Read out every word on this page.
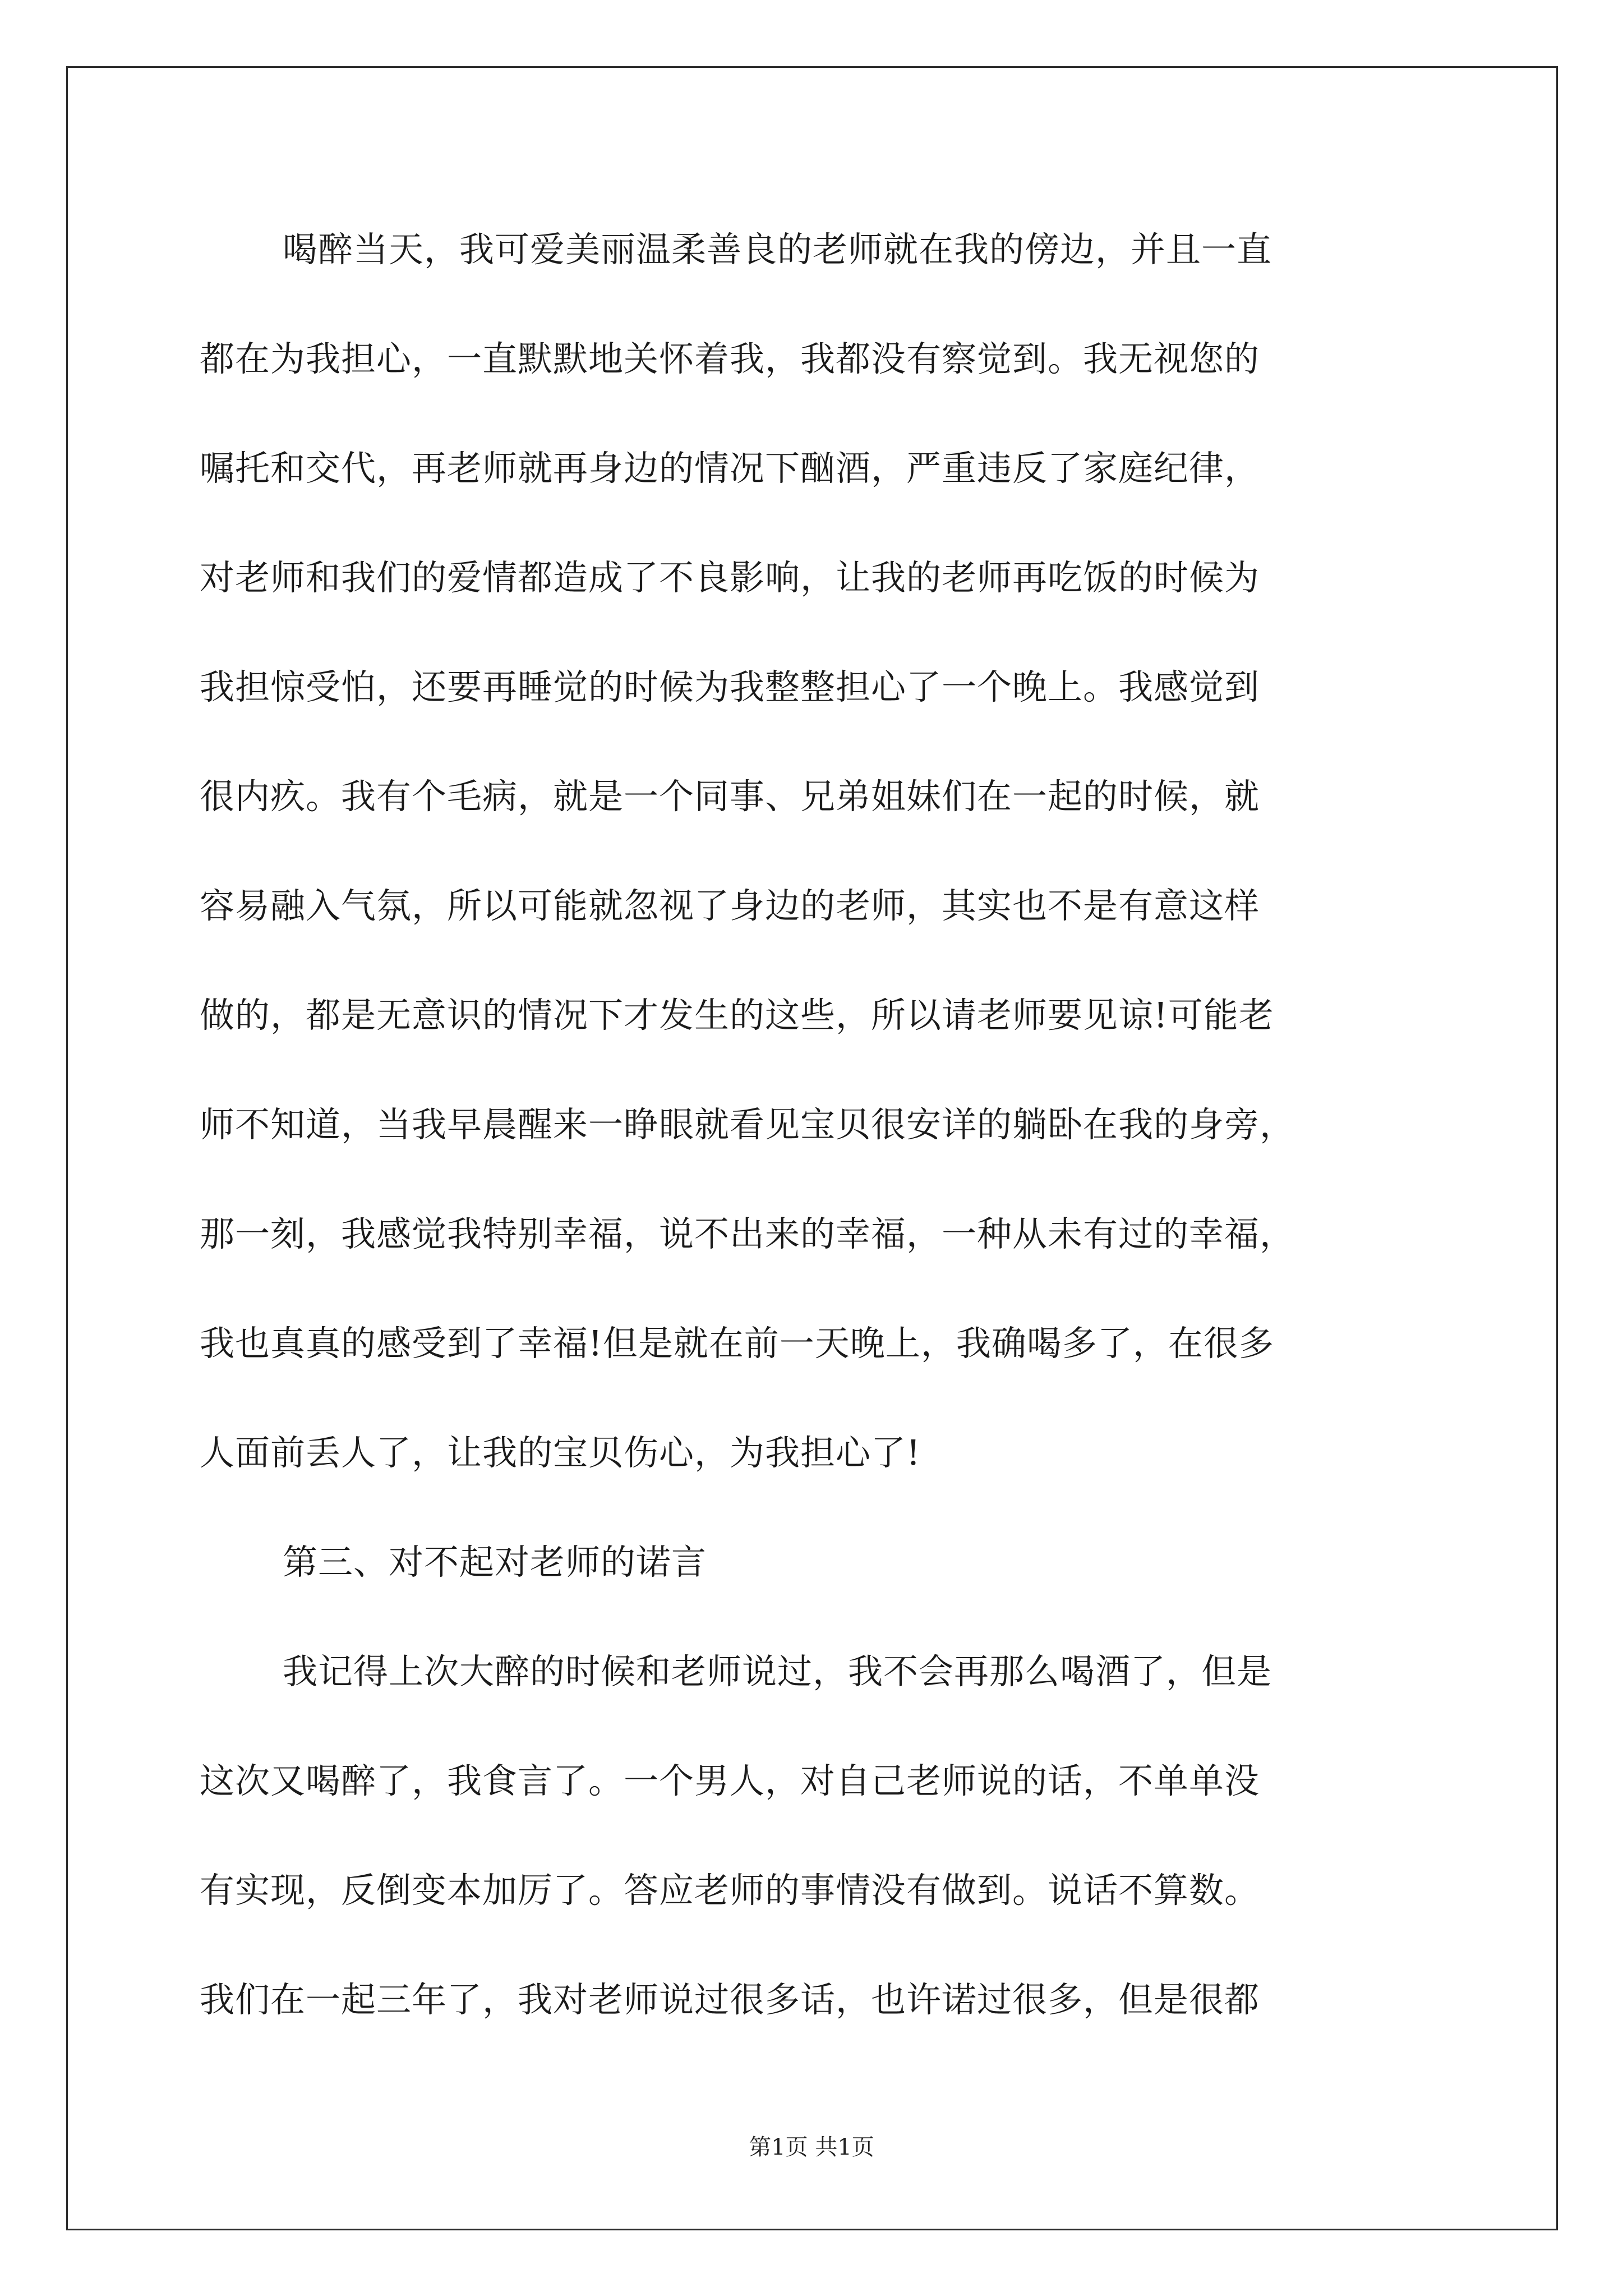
喝醉当天，我可爱美丽温柔善良的老师就在我的傍边，并且一直
都在为我担心，一直默默地关怀着我，我都没有察觉到。我无视您的
嘱托和交代，再老师就再身边的情况下酗酒，严重违反了家庭纪律，
对老师和我们的爱情都造成了不良影响，让我的老师再吃饭的时候为
我担惊受怕，还要再睡觉的时候为我整整担心了一个晚上。我感觉到
很内疚。我有个毛病，就是一个同事、兄弟姐妹们在一起的时候，就
容易融入气氛，所以可能就忽视了身边的老师，其实也不是有意这样
做的，都是无意识的情况下才发生的这些，所以请老师要见谅!可能老
师不知道，当我早晨醒来一睁眼就看见宝贝很安详的躺卧在我的身旁，
那一刻，我感觉我特别幸福，说不出来的幸福，一种从未有过的幸福，
我也真真的感受到了幸福!但是就在前一天晚上，我确喝多了，在很多
人面前丢人了，让我的宝贝伤心，为我担心了!
第三、对不起对老师的诺言
我记得上次大醉的时候和老师说过，我不会再那么喝酒了，但是
这次又喝醉了，我食言了。一个男人，对自己老师说的话，不单单没
有实现，反倒变本加厉了。答应老师的事情没有做到。说话不算数。
我们在一起三年了，我对老师说过很多话，也许诺过很多，但是很都
第1页 共1页
